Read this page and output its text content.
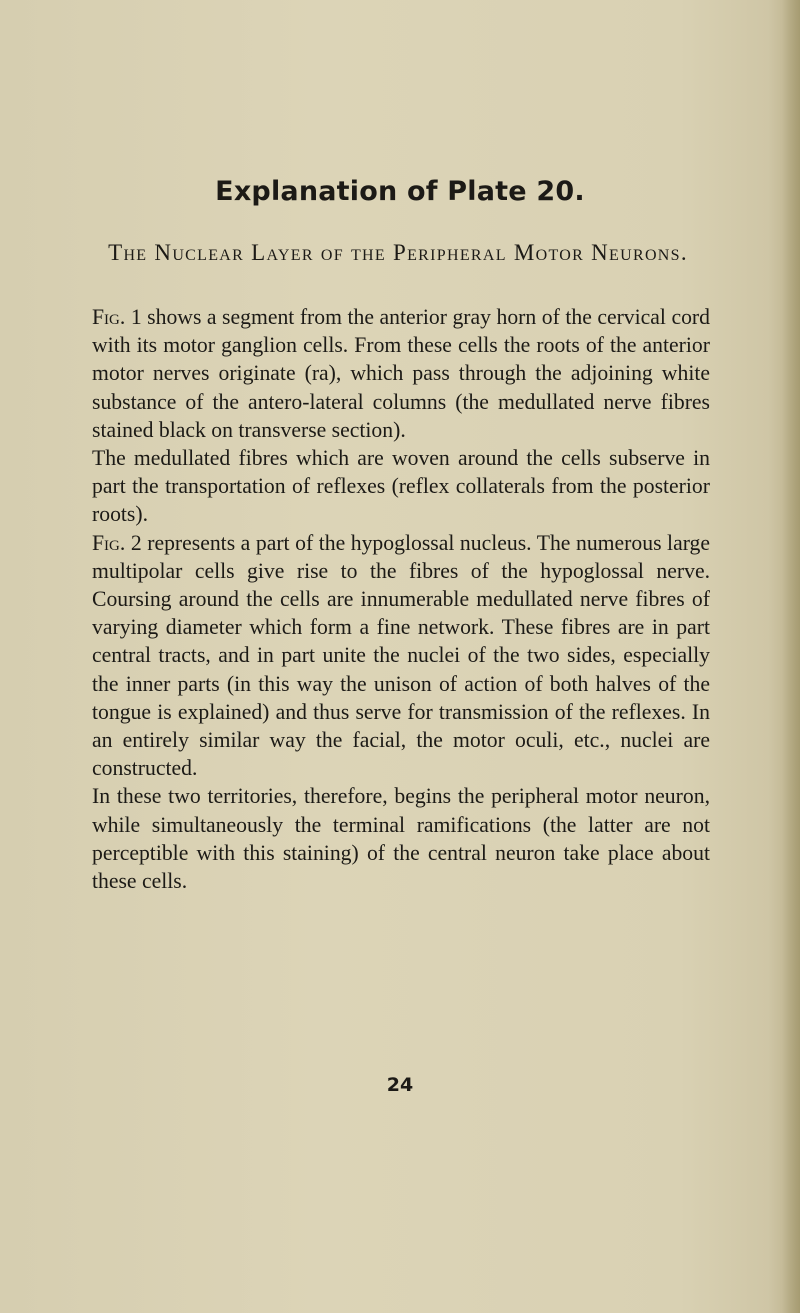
Explanation of Plate 20.
The Nuclear Layer of the Peripheral Motor Neurons.

Fig. 1 shows a segment from the anterior gray horn of the cervical cord with its motor ganglion cells. From these cells the roots of the anterior motor nerves originate (ra), which pass through the adjoining white substance of the antero-lateral columns (the medullated nerve fibres stained black on transverse section).

The medullated fibres which are woven around the cells subserve in part the transportation of reflexes (reflex collaterals from the posterior roots).

Fig. 2 represents a part of the hypoglossal nucleus. The numerous large multipolar cells give rise to the fibres of the hypoglossal nerve. Coursing around the cells are innumerable medullated nerve fibres of varying diameter which form a fine network. These fibres are in part central tracts, and in part unite the nuclei of the two sides, especially the inner parts (in this way the unison of action of both halves of the tongue is explained) and thus serve for transmission of the reflexes. In an entirely similar way the facial, the motor oculi, etc., nuclei are constructed.

In these two territories, therefore, begins the peripheral motor neuron, while simultaneously the terminal ramifications (the latter are not perceptible with this staining) of the central neuron take place about these cells.

24
